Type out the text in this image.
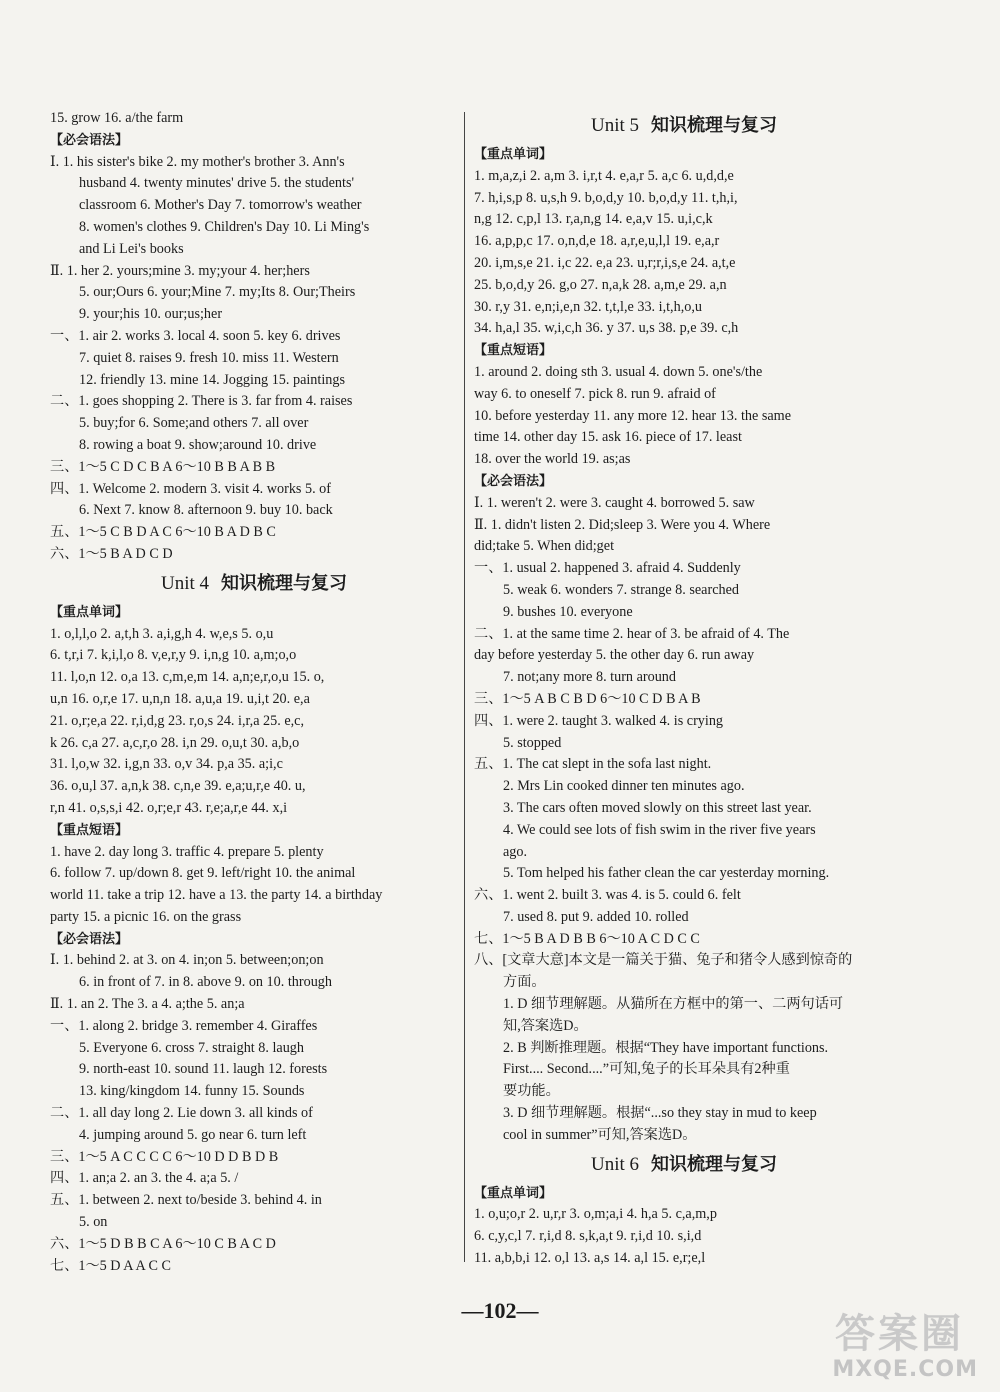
15. grow 16. a/the farm
【必会语法】
Ⅰ. 1. his sister's bike 2. my mother's brother 3. Ann's
husband 4. twenty minutes' drive 5. the students'
classroom 6. Mother's Day 7. tomorrow's weather
8. women's clothes 9. Children's Day 10. Li Ming's
and Li Lei's books
Ⅱ. 1. her 2. yours;mine 3. my;your 4. her;hers
5. our;Ours 6. your;Mine 7. my;Its 8. Our;Theirs
9. your;his 10. our;us;her
一、1. air 2. works 3. local 4. soon 5. key 6. drives
7. quiet 8. raises 9. fresh 10. miss 11. Western
12. friendly 13. mine 14. Jogging 15. paintings
二、1. goes shopping 2. There is 3. far from 4. raises
5. buy;for 6. Some;and others 7. all over
8. rowing a boat 9. show;around 10. drive
三、1～5 C D C B A 6～10 B B A B B
四、1. Welcome 2. modern 3. visit 4. works 5. of
6. Next 7. know 8. afternoon 9. buy 10. back
五、1～5 C B D A C 6～10 B A D B C
六、1～5 B A D C D
Unit 4 知识梳理与复习
【重点单词】
1. o,l,l,o 2. a,t,h 3. a,i,g,h 4. w,e,s 5. o,u
6. t,r,i 7. k,i,l,o 8. v,e,r,y 9. i,n,g 10. a,m;o,o
11. l,o,n 12. o,a 13. c,m,e,m 14. a,n;e,r,o,u 15. o,
u,n 16. o,r,e 17. u,n,n 18. a,u,a 19. u,i,t 20. e,a
21. o,r;e,a 22. r,i,d,g 23. r,o,s 24. i,r,a 25. e,c,
k 26. c,a 27. a,c,r,o 28. i,n 29. o,u,t 30. a,b,o
31. l,o,w 32. i,g,n 33. o,v 34. p,a 35. a;i,c
36. o,u,l 37. a,n,k 38. c,n,e 39. e,a;u,r,e 40. u,
r,n 41. o,s,s,i 42. o,r;e,r 43. r,e;a,r,e 44. x,i
【重点短语】
1. have 2. day long 3. traffic 4. prepare 5. plenty
6. follow 7. up/down 8. get 9. left/right 10. the animal
world 11. take a trip 12. have a 13. the party 14. a birthday
party 15. a picnic 16. on the grass
【必会语法】
Ⅰ. 1. behind 2. at 3. on 4. in;on 5. between;on;on
6. in front of 7. in 8. above 9. on 10. through
Ⅱ. 1. an 2. The 3. a 4. a;the 5. an;a
一、1. along 2. bridge 3. remember 4. Giraffes
5. Everyone 6. cross 7. straight 8. laugh
9. north-east 10. sound 11. laugh 12. forests
13. king/kingdom 14. funny 15. Sounds
二、1. all day long 2. Lie down 3. all kinds of
4. jumping around 5. go near 6. turn left
三、1～5 A C C C C 6～10 D D B D B
四、1. an;a 2. an 3. the 4. a;a 5. /
五、1. between 2. next to/beside 3. behind 4. in
5. on
六、1～5 D B B C A 6～10 C B A C D
七、1～5 D A A C C
Unit 5 知识梳理与复习
【重点单词】
1. m,a,z,i 2. a,m 3. i,r,t 4. e,a,r 5. a,c 6. u,d,d,e
7. h,i,s,p 8. u,s,h 9. b,o,d,y 10. b,o,d,y 11. t,h,i,
n,g 12. c,p,l 13. r,a,n,g 14. e,a,v 15. u,i,c,k
16. a,p,p,c 17. o,n,d,e 18. a,r,e,u,l,l 19. e,a,r
20. i,m,s,e 21. i,c 22. e,a 23. u,r;r,i,s,e 24. a,t,e
25. b,o,d,y 26. g,o 27. n,a,k 28. a,m,e 29. a,n
30. r,y 31. e,n;i,e,n 32. t,t,l,e 33. i,t,h,o,u
34. h,a,l 35. w,i,c,h 36. y 37. u,s 38. p,e 39. c,h
【重点短语】
1. around 2. doing sth 3. usual 4. down 5. one's/the
way 6. to oneself 7. pick 8. run 9. afraid of
10. before yesterday 11. any more 12. hear 13. the same
time 14. other day 15. ask 16. piece of 17. least
18. over the world 19. as;as
【必会语法】
Ⅰ. 1. weren't 2. were 3. caught 4. borrowed 5. saw
Ⅱ. 1. didn't listen 2. Did;sleep 3. Were you 4. Where
did;take 5. When did;get
一、1. usual 2. happened 3. afraid 4. Suddenly
5. weak 6. wonders 7. strange 8. searched
9. bushes 10. everyone
二、1. at the same time 2. hear of 3. be afraid of 4. The
day before yesterday 5. the other day 6. run away
7. not;any more 8. turn around
三、1～5 A B C B D 6～10 C D B A B
四、1. were 2. taught 3. walked 4. is crying
5. stopped
五、1. The cat slept in the sofa last night.
2. Mrs Lin cooked dinner ten minutes ago.
3. The cars often moved slowly on this street last year.
4. We could see lots of fish swim in the river five years
ago.
5. Tom helped his father clean the car yesterday morning.
六、1. went 2. built 3. was 4. is 5. could 6. felt
7. used 8. put 9. added 10. rolled
七、1～5 B A D B B 6～10 A C D C C
八、[文章大意]本文是一篇关于猫、兔子和猪令人感到惊奇的
方面。
1. D 细节理解题。从猫所在方框中的第一、二两句话可
知,答案选D。
2. B 判断推理题。根据“They have important functions.
First.... Second....”可知,兔子的长耳朵具有2种重
要功能。
3. D 细节理解题。根据“...so they stay in mud to keep
cool in summer”可知,答案选D。
Unit 6 知识梳理与复习
【重点单词】
1. o,u;o,r 2. u,r,r 3. o,m;a,i 4. h,a 5. c,a,m,p
6. c,y,c,l 7. r,i,d 8. s,k,a,t 9. r,i,d 10. s,i,d
11. a,b,b,i 12. o,l 13. a,s 14. a,l 15. e,r;e,l
—102—
答案圈
MXQE.COM
